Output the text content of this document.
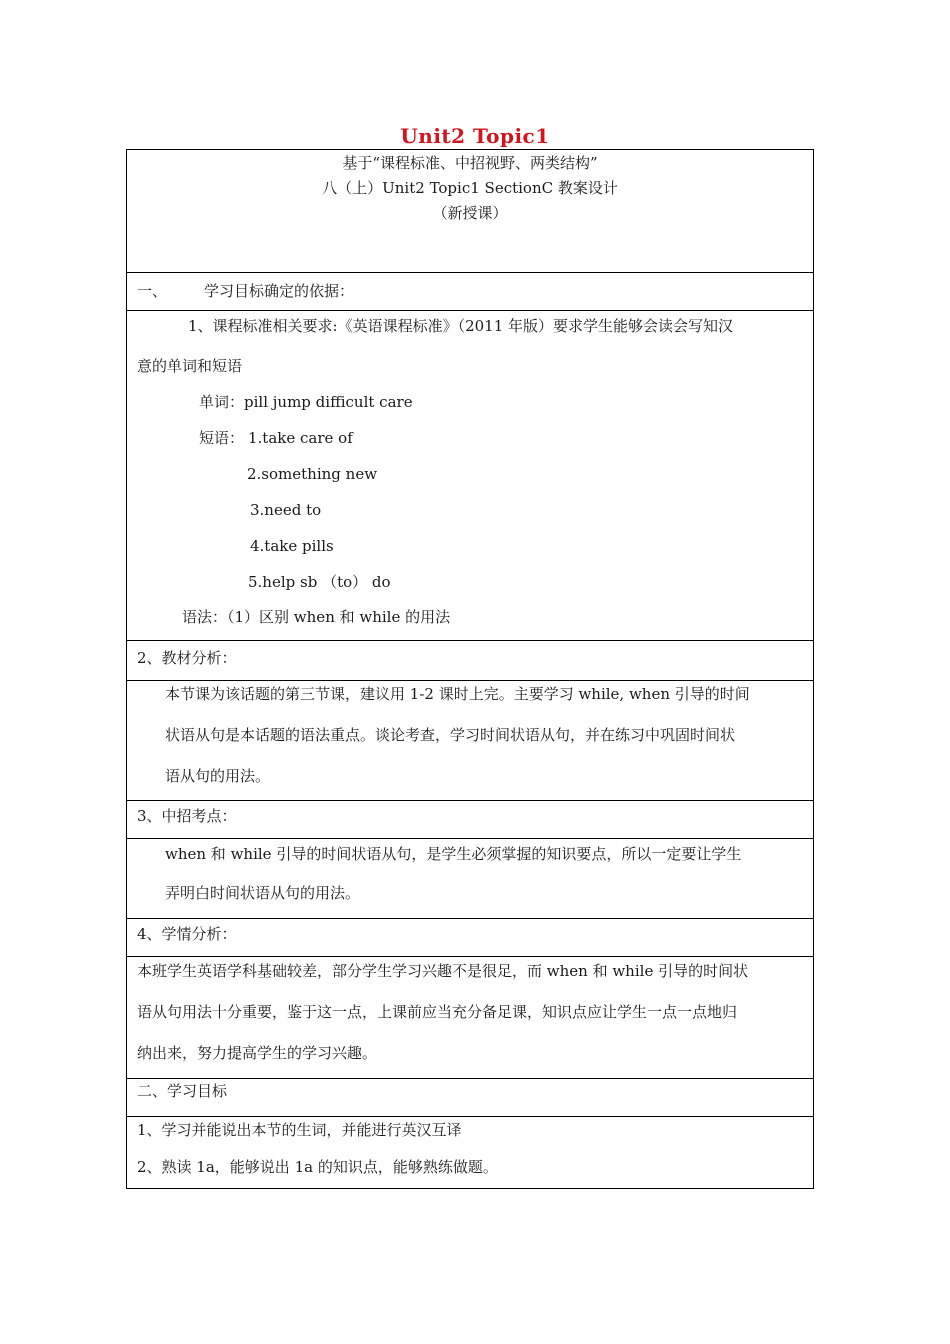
Unit2 Topic1
基于“课程标准、中招视野、两类结构”
八（上）Unit2 Topic1 SectionC 教案设计
（新授课）
一、 学习目标确定的依据：
1、课程标准相关要求:《英语课程标准》（2011 年版）要求学生能够会读会写知汉
意的单词和短语
单词：pill jump difficult care
短语： 1.take care of
2.something new
3.need to
4.take pills
5.help sb （to） do
语法：（1）区别 when 和 while 的用法
2、教材分析：
本节课为该话题的第三节课，建议用 1-2 课时上完。主要学习 while, when 引导的时间
状语从句是本话题的语法重点。谈论考查，学习时间状语从句，并在练习中巩固时间状
语从句的用法。
3、中招考点：
when 和 while 引导的时间状语从句，是学生必须掌握的知识要点，所以一定要让学生
弄明白时间状语从句的用法。
4、学情分析：
本班学生英语学科基础较差，部分学生学习兴趣不是很足，而 when 和 while 引导的时间状
语从句用法十分重要，鉴于这一点，上课前应当充分备足课，知识点应让学生一点一点地归
纳出来，努力提高学生的学习兴趣。
二、学习目标
1、学习并能说出本节的生词，并能进行英汉互译
2、熟读 1a，能够说出 1a 的知识点，能够熟练做题。
